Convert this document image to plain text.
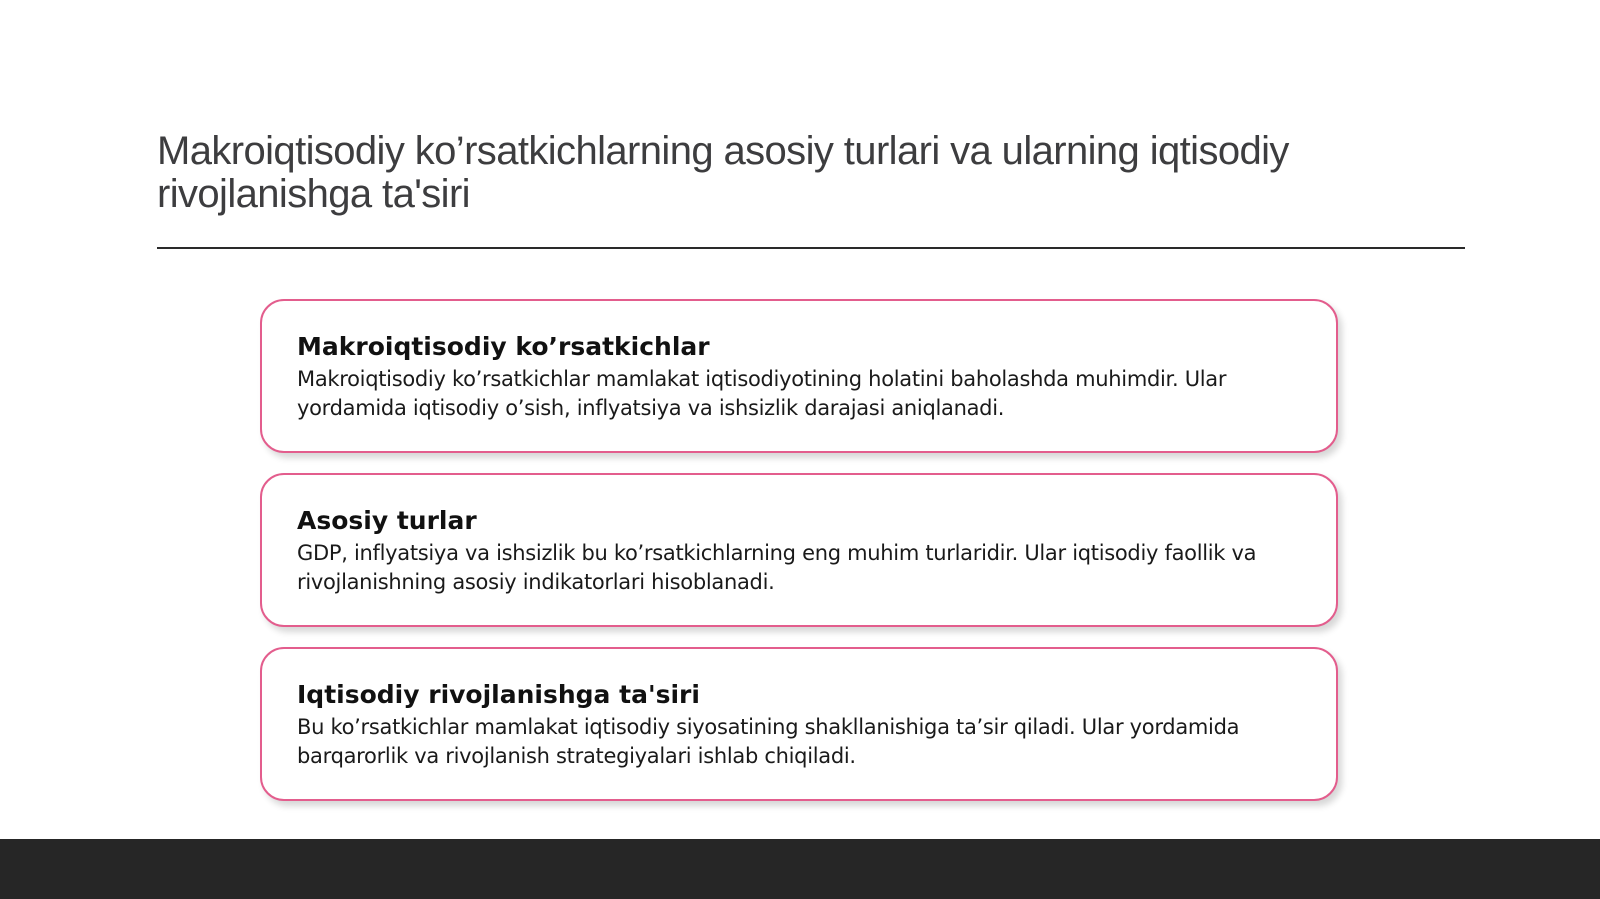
Makroiqtisodiy ko’rsatkichlarning asosiy turlari va ularning iqtisodiy rivojlanishga ta'siri
Makroiqtisodiy ko’rsatkichlar

Makroiqtisodiy ko’rsatkichlar mamlakat iqtisodiyotining holatini baholashda muhimdir. Ular yordamida iqtisodiy o’sish, inflyatsiya va ishsizlik darajasi aniqlanadi.

Asosiy turlar

GDP, inflyatsiya va ishsizlik bu ko’rsatkichlarning eng muhim turlaridir. Ular iqtisodiy faollik va rivojlanishning asosiy indikatorlari hisoblanadi.

Iqtisodiy rivojlanishga ta'siri

Bu ko’rsatkichlar mamlakat iqtisodiy siyosatining shakllanishiga ta’sir qiladi. Ular yordamida barqarorlik va rivojlanish strategiyalari ishlab chiqiladi.
